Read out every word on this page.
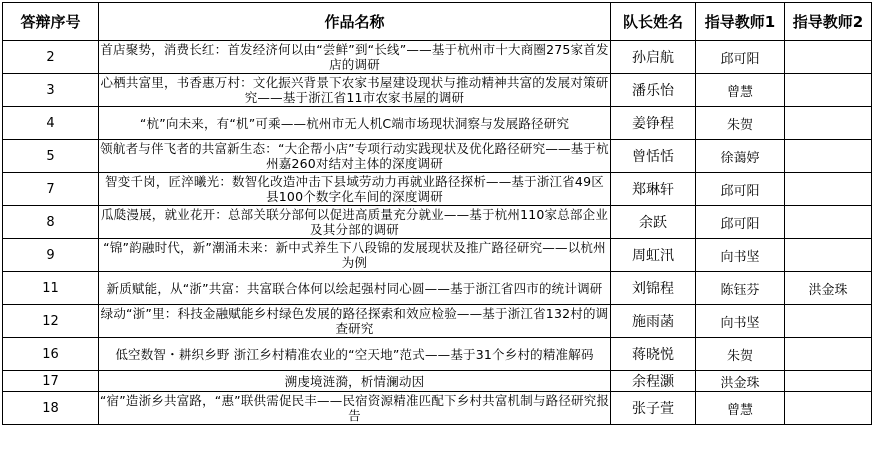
答辩序号	作品名称	队长姓名	指导教师1	指导教师2
2	首店聚势，消费长红：首发经济何以由“尝鲜”到“长线”——基于杭州市十大商圈275家首发店的调研	孙启航	邱可阳	
3	心栖共富里，书香惠万村：文化振兴背景下农家书屋建设现状与推动精神共富的发展对策研究——基于浙江省11市农家书屋的调研	潘乐怡	曾慧	
4	“杭”向未来，有“机”可乘——杭州市无人机C端市场现状洞察与发展路径研究	姜铮程	朱贺	
5	领航者与伴飞者的共富新生态：“大企帮小店”专项行动实践现状及优化路径研究——基于杭州嘉260对结对主体的深度调研	曾恬恬	徐蔼婷	
7	智变千岗，匠淬曦光：数智化改造冲击下县域劳动力再就业路径探析——基于浙江省49区县100个数字化车间的深度调研	郑琳轩	邱可阳	
8	瓜瓞漫展，就业花开：总部关联分部何以促进高质量充分就业——基于杭州110家总部企业及其分部的调研	余跃	邱可阳	
9	“锦”韵融时代，新”潮涌未来：新中式养生下八段锦的发展现状及推广路径研究——以杭州为例	周虹汛	向书坚	
11	新质赋能，从“浙”共富：共富联合体何以绘起强村同心圆——基于浙江省四市的统计调研	刘锦程	陈钰芬	洪金珠
12	绿动“浙”里：科技金融赋能乡村绿色发展的路径探索和效应检验——基于浙江省132村的调查研究	施雨菡	向书坚	
16	低空数智・耕织乡野 浙江乡村精准农业的“空天地”范式——基于31个乡村的精准解码	蒋晓悦	朱贺	
17	溯虔境涟漪，析情澜动因	余程灏	洪金珠	
18	“宿”造浙乡共富路，“惠”联供需促民丰——民宿资源精准匹配下乡村共富机制与路径研究报告	张子萱	曾慧	
